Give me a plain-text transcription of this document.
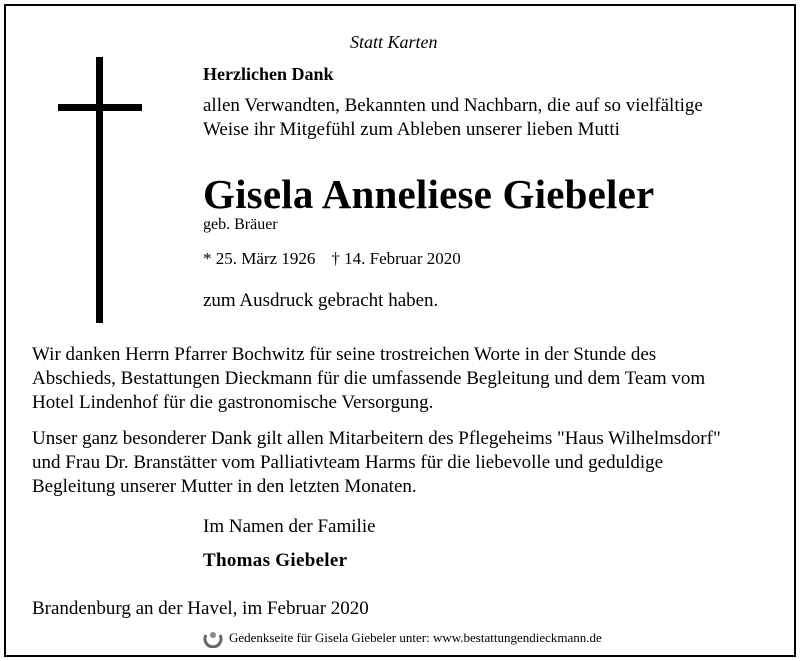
Statt Karten
Herzlichen Dank
allen Verwandten, Bekannten und Nachbarn, die auf so vielfältige
Weise ihr Mitgefühl zum Ableben unserer lieben Mutti
Gisela Anneliese Giebeler
geb. Bräuer
* 25. März 1926 † 14. Februar 2020
zum Ausdruck gebracht haben.
Wir danken Herrn Pfarrer Bochwitz für seine trostreichen Worte in der Stunde des
Abschieds, Bestattungen Dieckmann für die umfassende Begleitung und dem Team vom
Hotel Lindenhof für die gastronomische Versorgung.
Unser ganz besonderer Dank gilt allen Mitarbeitern des Pflegeheims "Haus Wilhelmsdorf"
und Frau Dr. Branstätter vom Palliativteam Harms für die liebevolle und geduldige
Begleitung unserer Mutter in den letzten Monaten.
Im Namen der Familie
Thomas Giebeler
Brandenburg an der Havel, im Februar 2020
Gedenkseite für Gisela Giebeler unter: www.bestattungendieckmann.de
